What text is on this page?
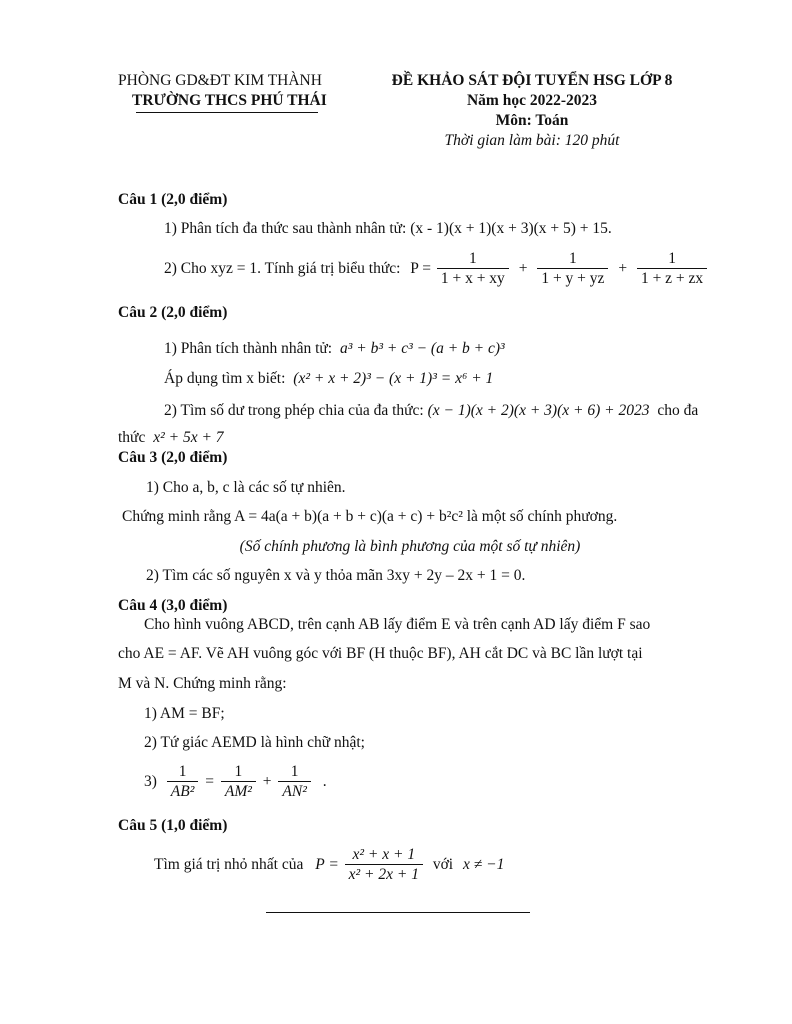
PHÒNG GD&ĐT KIM THÀNH
TRƯỜNG THCS PHÚ THÁI
ĐỀ KHẢO SÁT ĐỘI TUYỂN HSG LỚP 8
Năm học 2022-2023
Môn: Toán
Thời gian làm bài: 120 phút
Câu 1 (2,0 điểm)
1) Phân tích đa thức sau thành nhân tử: (x - 1)(x + 1)(x + 3)(x + 5) + 15.
2) Cho xyz = 1. Tính giá trị biểu thức: $P = \frac{1}{1 + x + xy} + \frac{1}{1 + y + yz} + \frac{1}{1 + z + zx}$
Câu 2 (2,0 điểm)
1) Phân tích thành nhân tử: a³ + b³ + c³ − (a + b + c)³
Áp dụng tìm x biết: (x² + x + 2)³ − (x + 1)³ = x⁶ + 1
2) Tìm số dư trong phép chia của đa thức: (x − 1)(x + 2)(x + 3)(x + 6) + 2023 cho đa
thức x² + 5x + 7
Câu 3 (2,0 điểm)
1) Cho a, b, c là các số tự nhiên.
Chứng minh rằng A = 4a(a + b)(a + b + c)(a + c) + b²c² là một số chính phương.
(Số chính phương là bình phương của một số tự nhiên)
2) Tìm các số nguyên x và y thỏa mãn 3xy + 2y – 2x + 1 = 0.
Câu 4 (3,0 điểm)
Cho hình vuông ABCD, trên cạnh AB lấy điểm E và trên cạnh AD lấy điểm F sao
cho AE = AF. Vẽ AH vuông góc với BF (H thuộc BF), AH cắt DC và BC lần lượt tại
M và N. Chứng minh rằng:
1) AM = BF;
2) Tứ giác AEMD là hình chữ nhật;
$3) \frac{1}{\text{AB²}} = \frac{1}{\text{AM²}} + \frac{1}{\text{AN²}}$ .
Câu 5 (1,0 điểm)
Tìm giá trị nhỏ nhất của $P = \frac{\text{x² + x + 1}}{\text{x² + 2x + 1}}$ với x ≠ −1
